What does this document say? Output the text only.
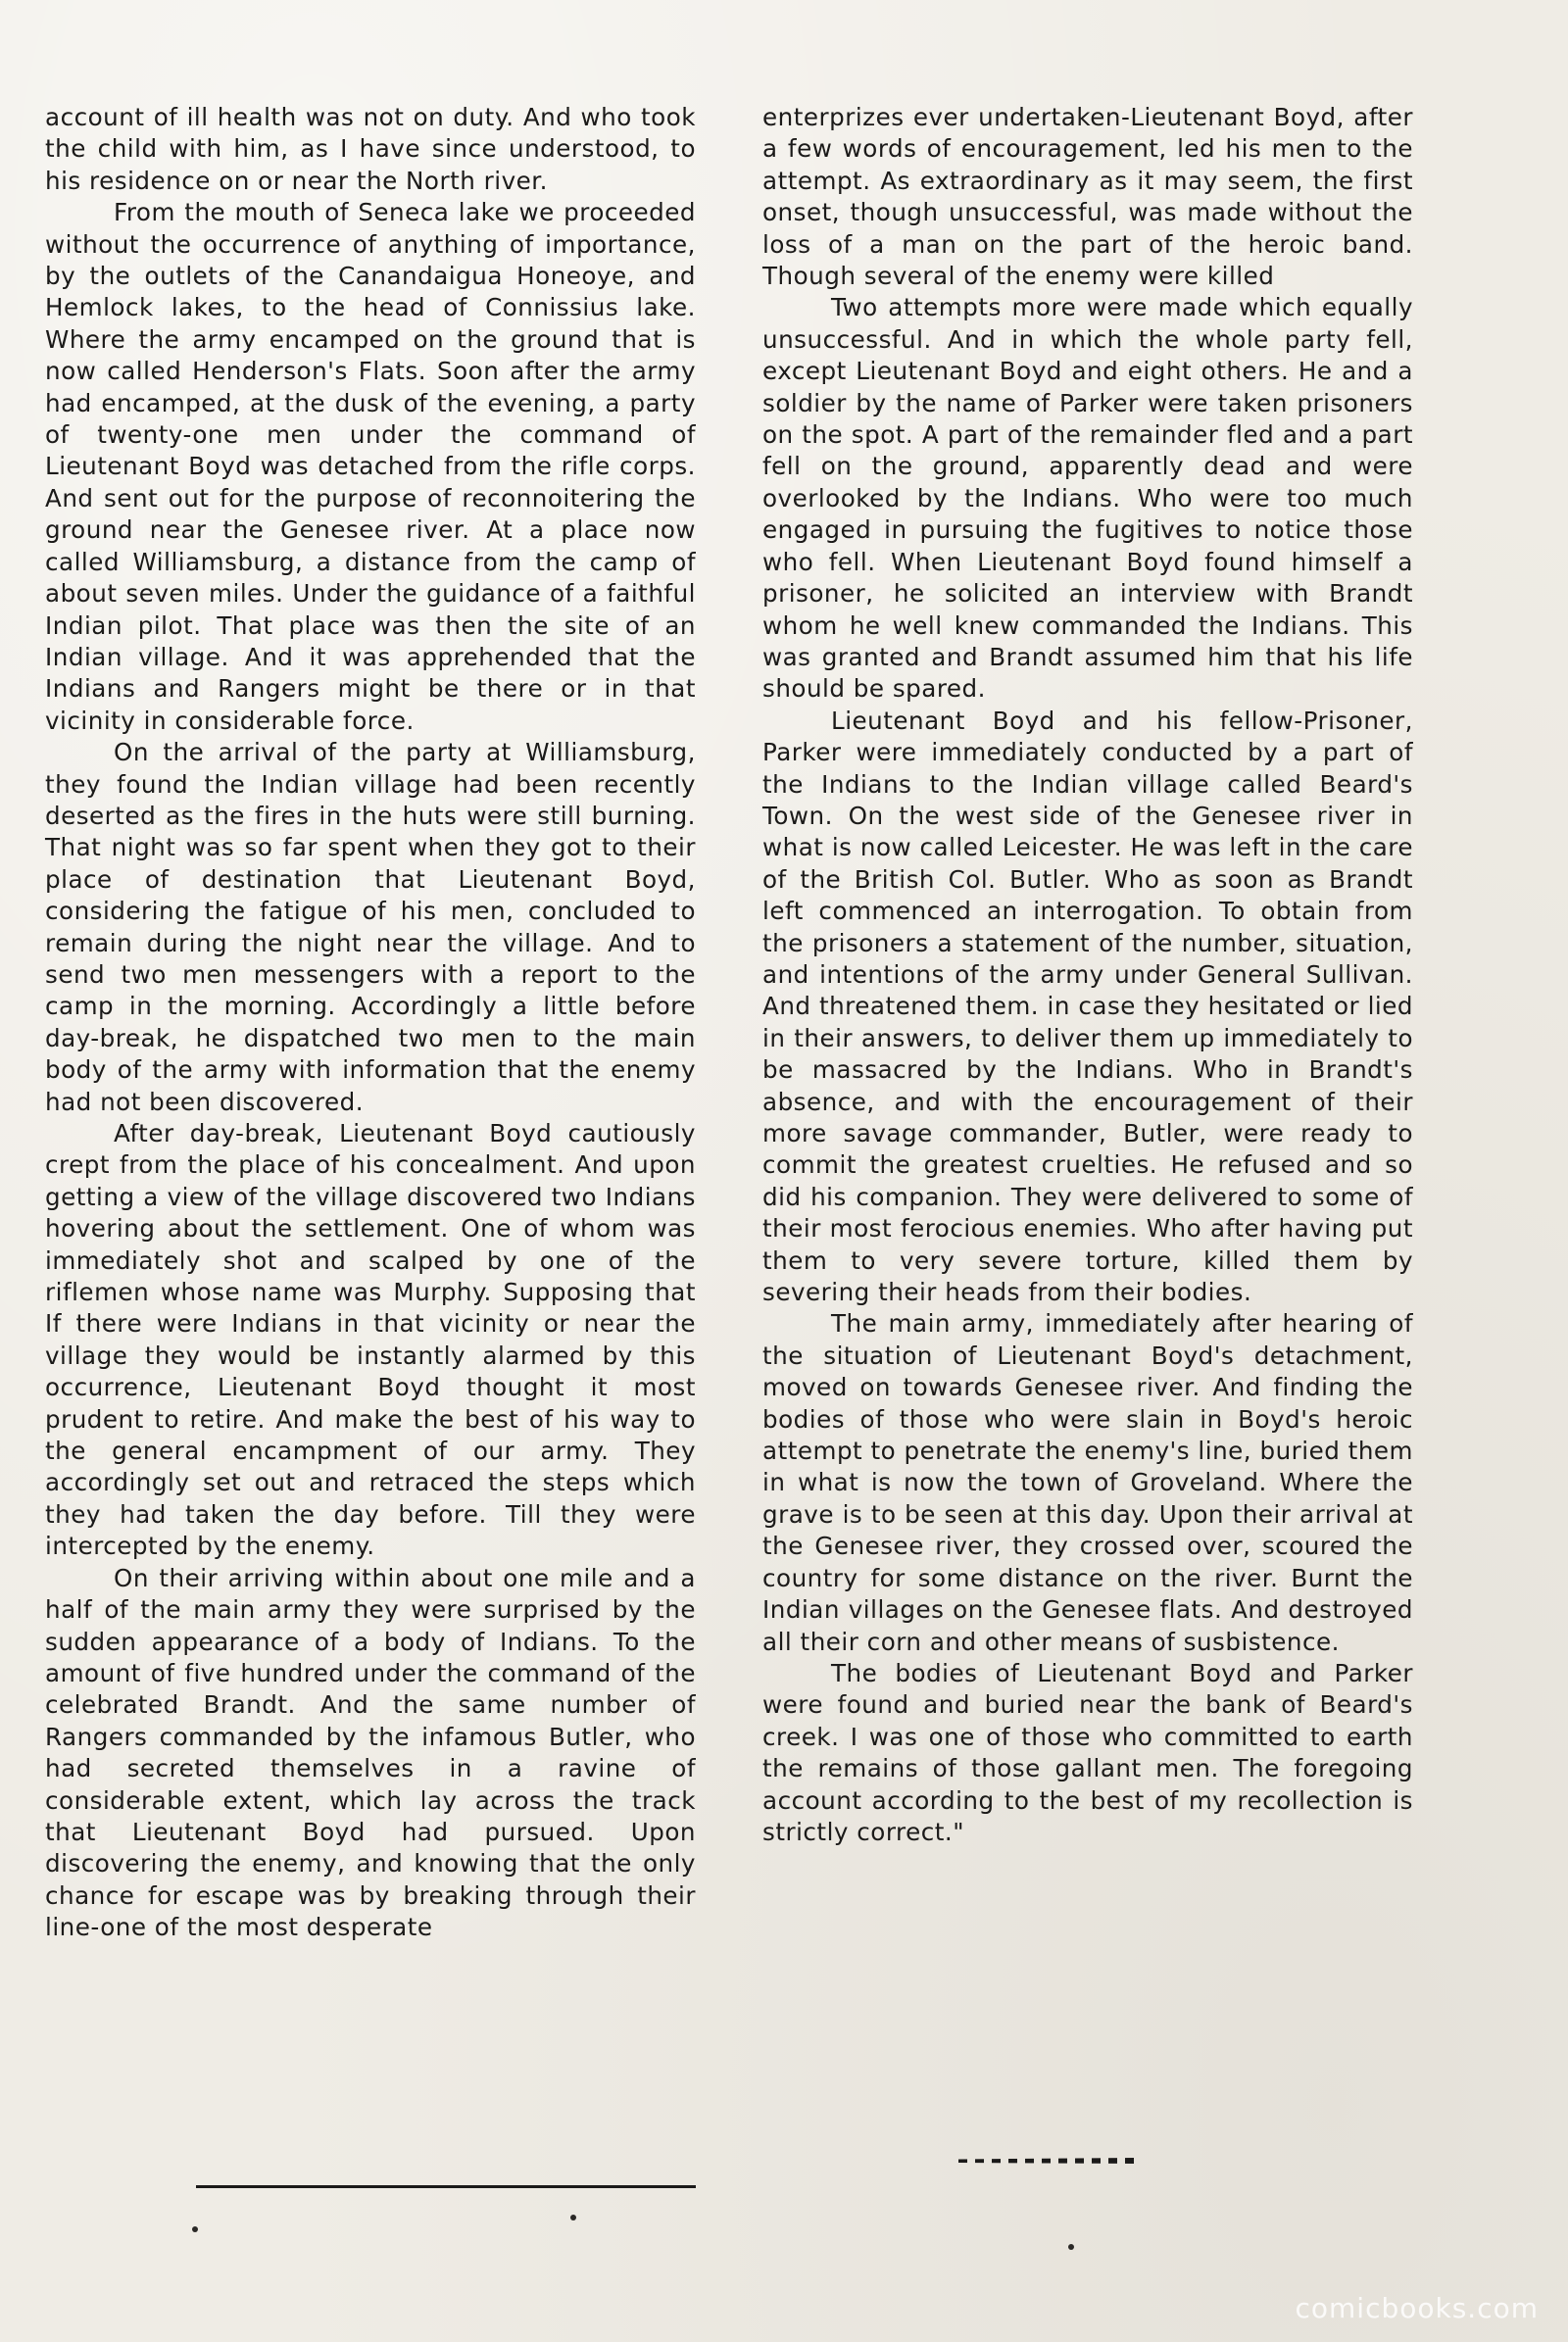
account of ill health was not on duty. And who took the child with him, as I have since understood, to his residence on or near the North river.

From the mouth of Seneca lake we proceeded without the occurrence of anything of importance, by the outlets of the Canandaigua Honeoye, and Hemlock lakes, to the head of Connissius lake. Where the army encamped on the ground that is now called Henderson's Flats. Soon after the army had encamped, at the dusk of the evening, a party of twenty-one men under the command of Lieutenant Boyd was detached from the rifle corps. And sent out for the purpose of reconnoitering the ground near the Genesee river. At a place now called Williamsburg, a distance from the camp of about seven miles. Under the guidance of a faithful Indian pilot. That place was then the site of an Indian village. And it was apprehended that the Indians and Rangers might be there or in that vicinity in considerable force.

On the arrival of the party at Williamsburg, they found the Indian village had been recently deserted as the fires in the huts were still burning. That night was so far spent when they got to their place of destination that Lieutenant Boyd, considering the fatigue of his men, concluded to remain during the night near the village. And to send two men messengers with a report to the camp in the morning. Accordingly a little before day-break, he dispatched two men to the main body of the army with information that the enemy had not been discovered.

After day-break, Lieutenant Boyd cautiously crept from the place of his concealment. And upon getting a view of the village discovered two Indians hovering about the settlement. One of whom was immediately shot and scalped by one of the riflemen whose name was Murphy. Supposing that If there were Indians in that vicinity or near the village they would be instantly alarmed by this occurrence, Lieutenant Boyd thought it most prudent to retire. And make the best of his way to the general encampment of our army. They accordingly set out and retraced the steps which they had taken the day before. Till they were intercepted by the enemy.

On their arriving within about one mile and a half of the main army they were surprised by the sudden appearance of a body of Indians. To the amount of five hundred under the command of the celebrated Brandt. And the same number of Rangers commanded by the infamous Butler, who had secreted themselves in a ravine of considerable extent, which lay across the track that Lieutenant Boyd had pursued. Upon discovering the enemy, and knowing that the only chance for escape was by breaking through their line-one of the most desperate

enterprizes ever undertaken-Lieutenant Boyd, after a few words of encouragement, led his men to the attempt. As extraordinary as it may seem, the first onset, though unsuccessful, was made without the loss of a man on the part of the heroic band. Though several of the enemy were killed

Two attempts more were made which equally unsuccessful. And in which the whole party fell, except Lieutenant Boyd and eight others. He and a soldier by the name of Parker were taken prisoners on the spot. A part of the remainder fled and a part fell on the ground, apparently dead and were overlooked by the Indians. Who were too much engaged in pursuing the fugitives to notice those who fell. When Lieutenant Boyd found himself a prisoner, he solicited an interview with Brandt whom he well knew commanded the Indians. This was granted and Brandt assumed him that his life should be spared.

Lieutenant Boyd and his fellow-Prisoner, Parker were immediately conducted by a part of the Indians to the Indian village called Beard's Town. On the west side of the Genesee river in what is now called Leicester. He was left in the care of the British Col. Butler. Who as soon as Brandt left commenced an interrogation. To obtain from the prisoners a statement of the number, situation, and intentions of the army under General Sullivan. And threatened them. in case they hesitated or lied in their answers, to deliver them up immediately to be massacred by the Indians. Who in Brandt's absence, and with the encouragement of their more savage commander, Butler, were ready to commit the greatest cruelties. He refused and so did his companion. They were delivered to some of their most ferocious enemies. Who after having put them to very severe torture, killed them by severing their heads from their bodies.

The main army, immediately after hearing of the situation of Lieutenant Boyd's detachment, moved on towards Genesee river. And finding the bodies of those who were slain in Boyd's heroic attempt to penetrate the enemy's line, buried them in what is now the town of Groveland. Where the grave is to be seen at this day. Upon their arrival at the Genesee river, they crossed over, scoured the country for some distance on the river. Burnt the Indian villages on the Genesee flats. And destroyed all their corn and other means of susbistence.

The bodies of Lieutenant Boyd and Parker were found and buried near the bank of Beard's creek. I was one of those who committed to earth the remains of those gallant men. The foregoing account according to the best of my recollection is strictly correct."

comicbooks.com
